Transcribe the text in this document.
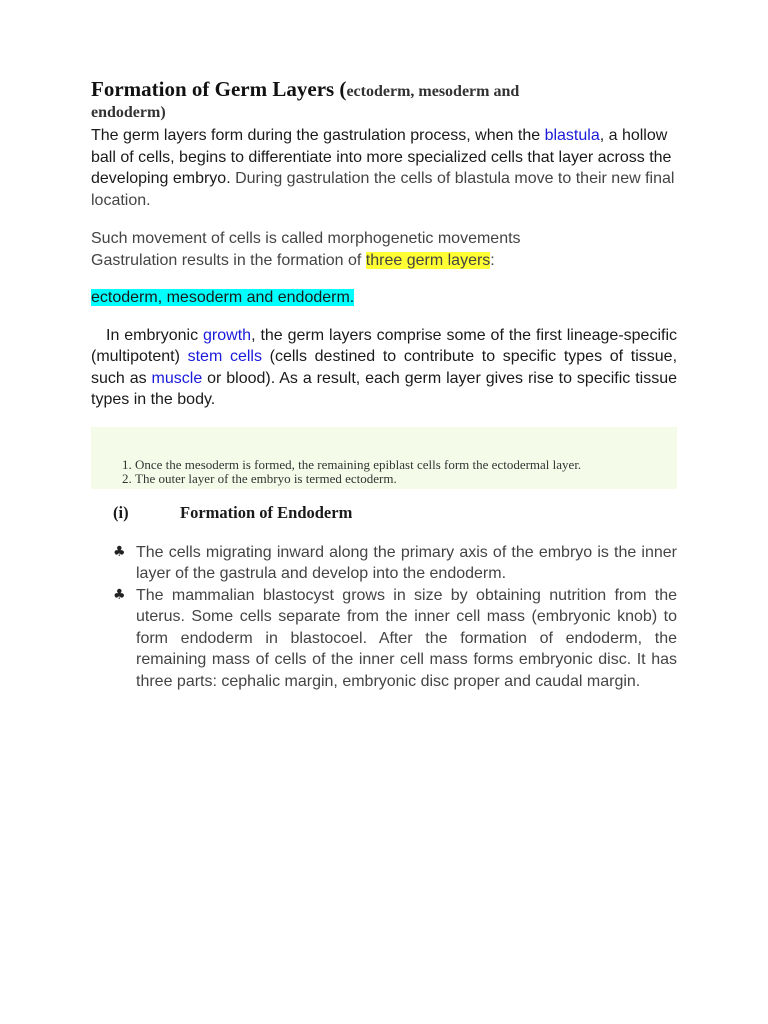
Formation of Germ Layers (ectoderm, mesoderm and
endoderm)

The germ layers form during the gastrulation process, when the blastula, a hollow ball of cells, begins to differentiate into more specialized cells that layer across the developing embryo. During gastrulation the cells of blastula move to their new final location.

Such movement of cells is called morphogenetic movements
Gastrulation results in the formation of three germ layers:

ectoderm, mesoderm and endoderm.

In embryonic growth, the germ layers comprise some of the first lineage-specific (multipotent) stem cells (cells destined to contribute to specific types of tissue, such as muscle or blood). As a result, each germ layer gives rise to specific tissue types in the body.

1. Once the mesoderm is formed, the remaining epiblast cells form the ectodermal layer.
2. The outer layer of the embryo is termed ectoderm.
(i)	Formation of Endoderm
♣ The cells migrating inward along the primary axis of the embryo is the inner layer of the gastrula and develop into the endoderm.
♣ The mammalian blastocyst grows in size by obtaining nutrition from the uterus. Some cells separate from the inner cell mass (embryonic knob) to form endoderm in blastocoel. After the formation of endoderm, the remaining mass of cells of the inner cell mass forms embryonic disc. It has three parts: cephalic margin, embryonic disc proper and caudal margin.
